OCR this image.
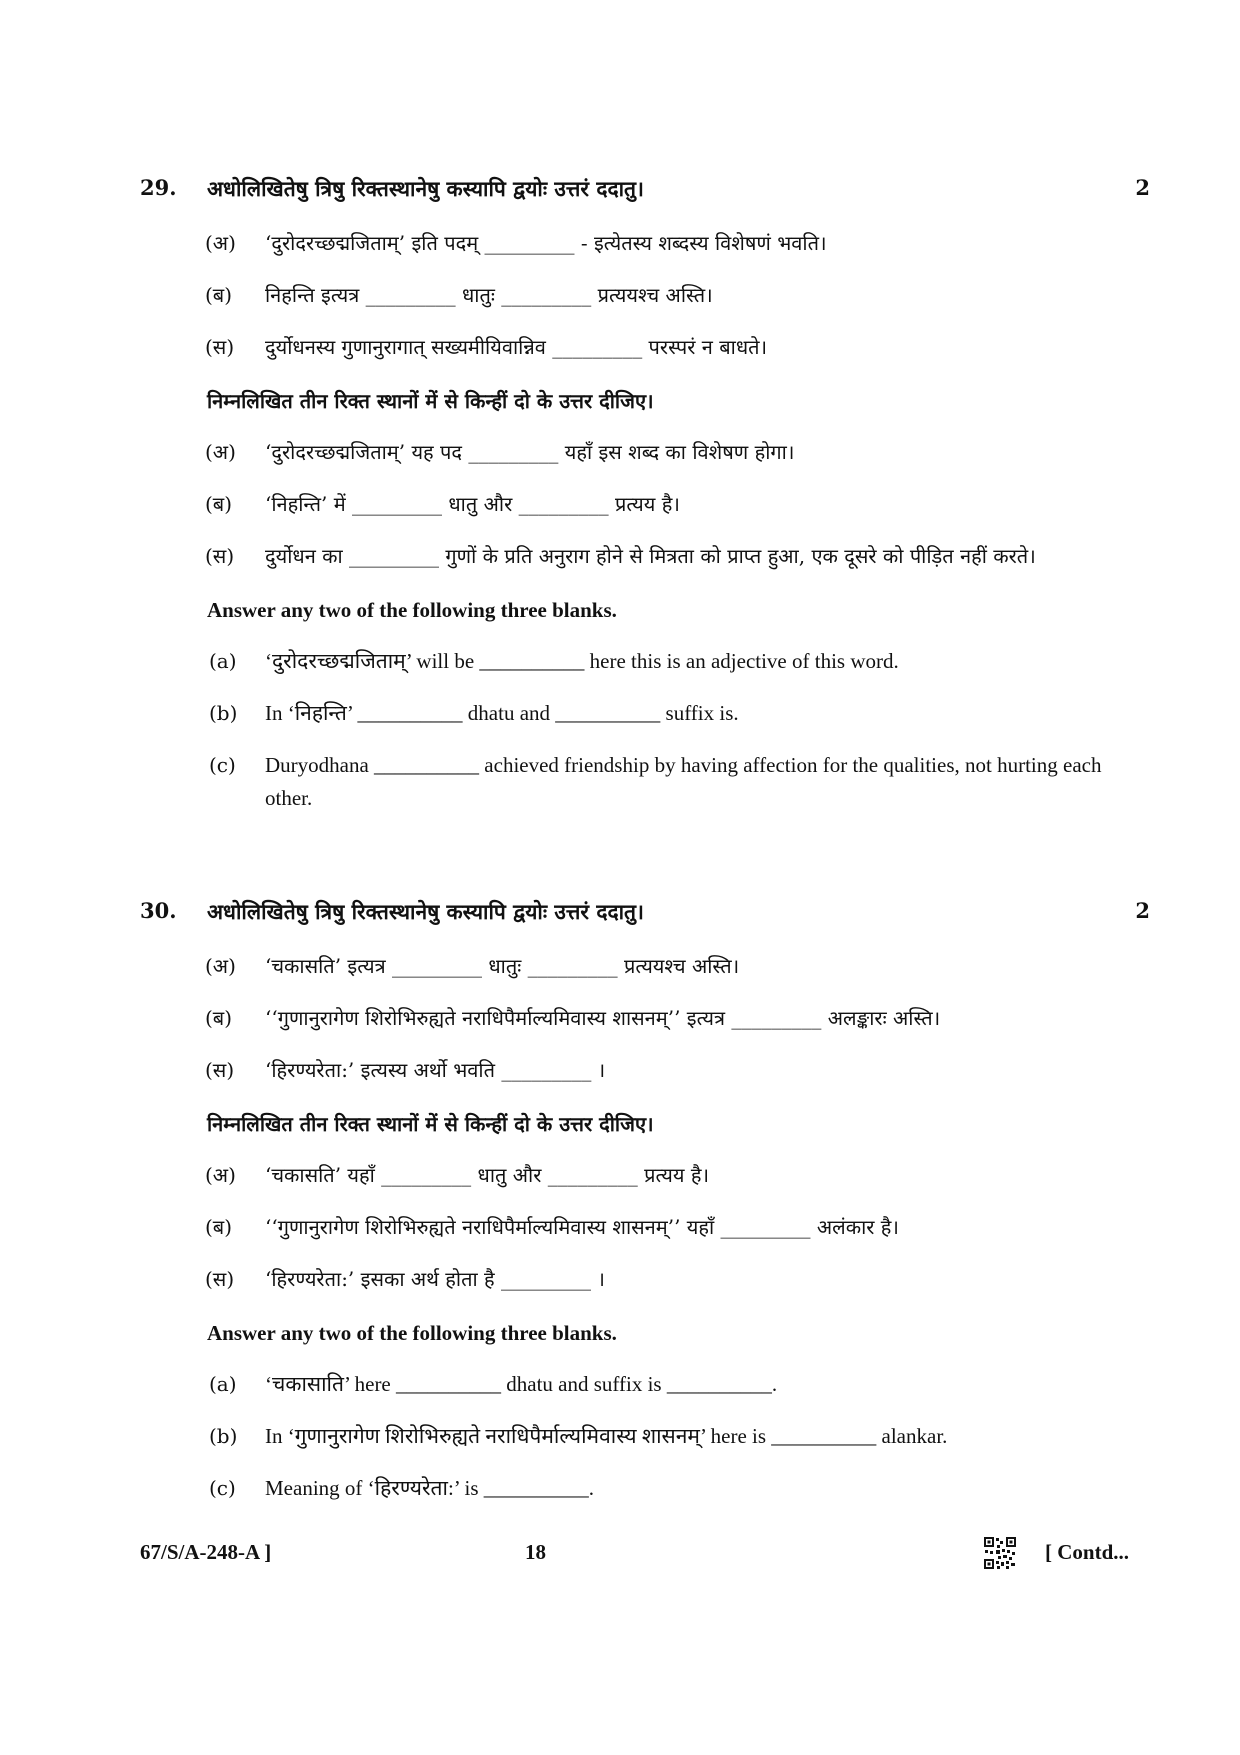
29. अधोलिखितेषु त्रिषु रिक्तस्थानेषु कस्यापि द्वयोः उत्तरं ददातु।	2
(अ) ‘दुरोदरच्छद्मजिताम्’ इति पदम् _________ - इत्येतस्य शब्दस्य विशेषणं भवति।
(ब) निहन्ति इत्यत्र _________ धातुः _________ प्रत्ययश्च अस्ति।
(स) दुर्योधनस्य गुणानुरागात् सख्यमीयिवान्निव _________ परस्परं न बाधते।
निम्नलिखित तीन रिक्त स्थानों में से किन्हीं दो के उत्तर दीजिए।
(अ) ‘दुरोदरच्छद्मजिताम्’ यह पद _________ यहाँ इस शब्द का विशेषण होगा।
(ब) ‘निहन्ति’ में _________ धातु और _________ प्रत्यय है।
(स) दुर्योधन का _________ गुणों के प्रति अनुराग होने से मित्रता को प्राप्त हुआ, एक दूसरे को पीड़ित नहीं करते।
Answer any two of the following three blanks.
(a) ‘दुरोदरच्छद्मजिताम्’ will be __________ here this is an adjective of this word.
(b) In ‘निहन्ति’ __________ dhatu and __________ suffix is.
(c) Duryodhana __________ achieved friendship by having affection for the qualities, not hurting each other.
30. अधोलिखितेषु त्रिषु रिक्तस्थानेषु कस्यापि द्वयोः उत्तरं ददातु।	2
(अ) ‘चकासति’ इत्यत्र _________ धातुः _________ प्रत्ययश्च अस्ति।
(ब) ‘‘गुणानुरागेण शिरोभिरुह्यते नराधिपैर्माल्यमिवास्य शासनम्’’ इत्यत्र _________ अलङ्कारः अस्ति।
(स) ‘हिरण्यरेता:’ इत्यस्य अर्थो भवति _________ ।
निम्नलिखित तीन रिक्त स्थानों में से किन्हीं दो के उत्तर दीजिए।
(अ) ‘चकासति’ यहाँ _________ धातु और _________ प्रत्यय है।
(ब) ‘‘गुणानुरागेण शिरोभिरुह्यते नराधिपैर्माल्यमिवास्य शासनम्’’ यहाँ _________ अलंकार है।
(स) ‘हिरण्यरेता:’ इसका अर्थ होता है _________ ।
Answer any two of the following three blanks.
(a) ‘चकासाति’ here __________ dhatu and suffix is __________.
(b) In ‘गुणानुरागेण शिरोभिरुह्यते नराधिपैर्माल्यमिवास्य शासनम्’ here is __________ alankar.
(c) Meaning of ‘हिरण्यरेता:’ is __________.
67/S/A-248-A ]	18	[ Contd...
